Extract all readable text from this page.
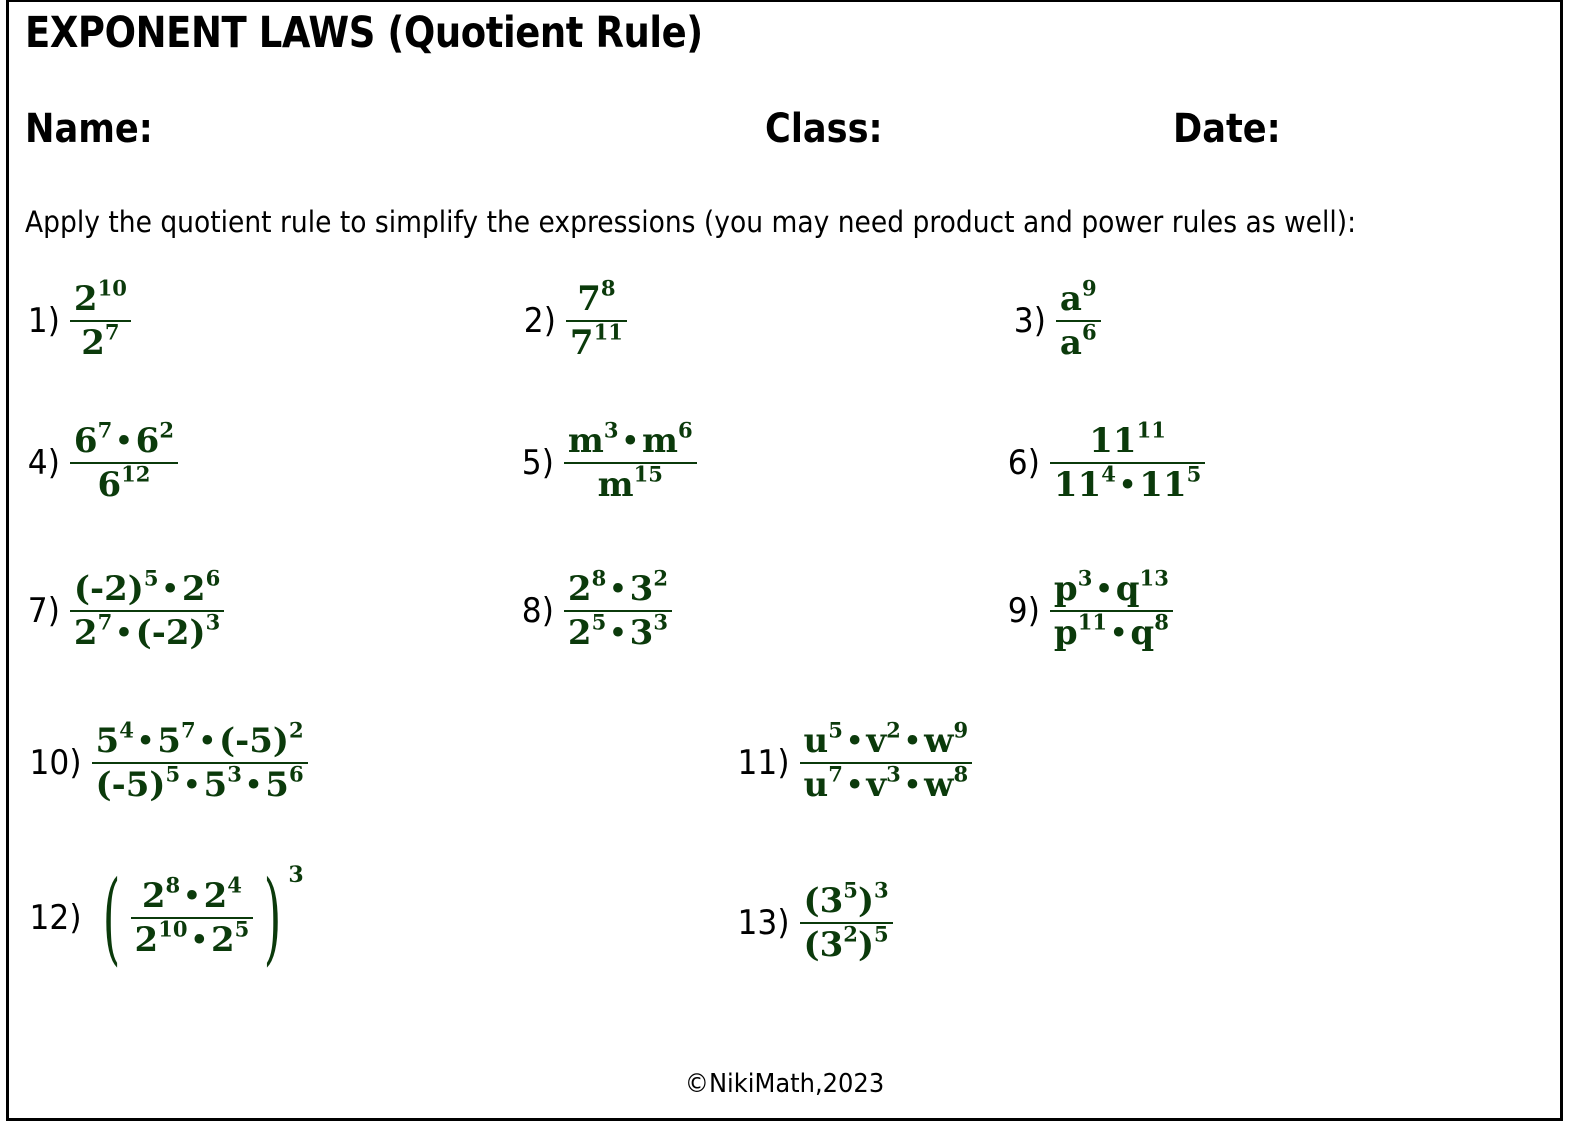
EXPONENT LAWS (Quotient Rule)
Name:	Class:	Date:
Apply the quotient rule to simplify the expressions (you may need product and power rules as well):
$1) \frac{2^{10}}{2^7}$	$2) \frac{7^8}{7^{11}}$	$3) \frac{a^9}{a^6}$
$4) \frac{6^7 •6^2}{6^{12}}$	$5) \frac{m^3 •m^6}{m^{15}}$	$6) \frac{11^{11}}{11^4 •11^5}$
$7) \frac{(-2)^5 •2^6}{2^7 •(-2)^3}$	$8) \frac{2^8 •3^2}{2^5 •3^3}$	$9) \frac{p^3 •q^{13}}{p^{11} •q^8}$
$10) \frac{5^4 •5^7 •(-5)^2}{(-5)^5 •5^3 •5^6}$	$11) \frac{u^5 •v^2 •w^9}{u^7 •v^3 •w^8}$
12) ( $\frac{2^8 •2^4}{2^{10} •2^5}$ ) 3
$13) \frac{(3^5)^3}{(3^2)^5}$
©NikiMath,2023
